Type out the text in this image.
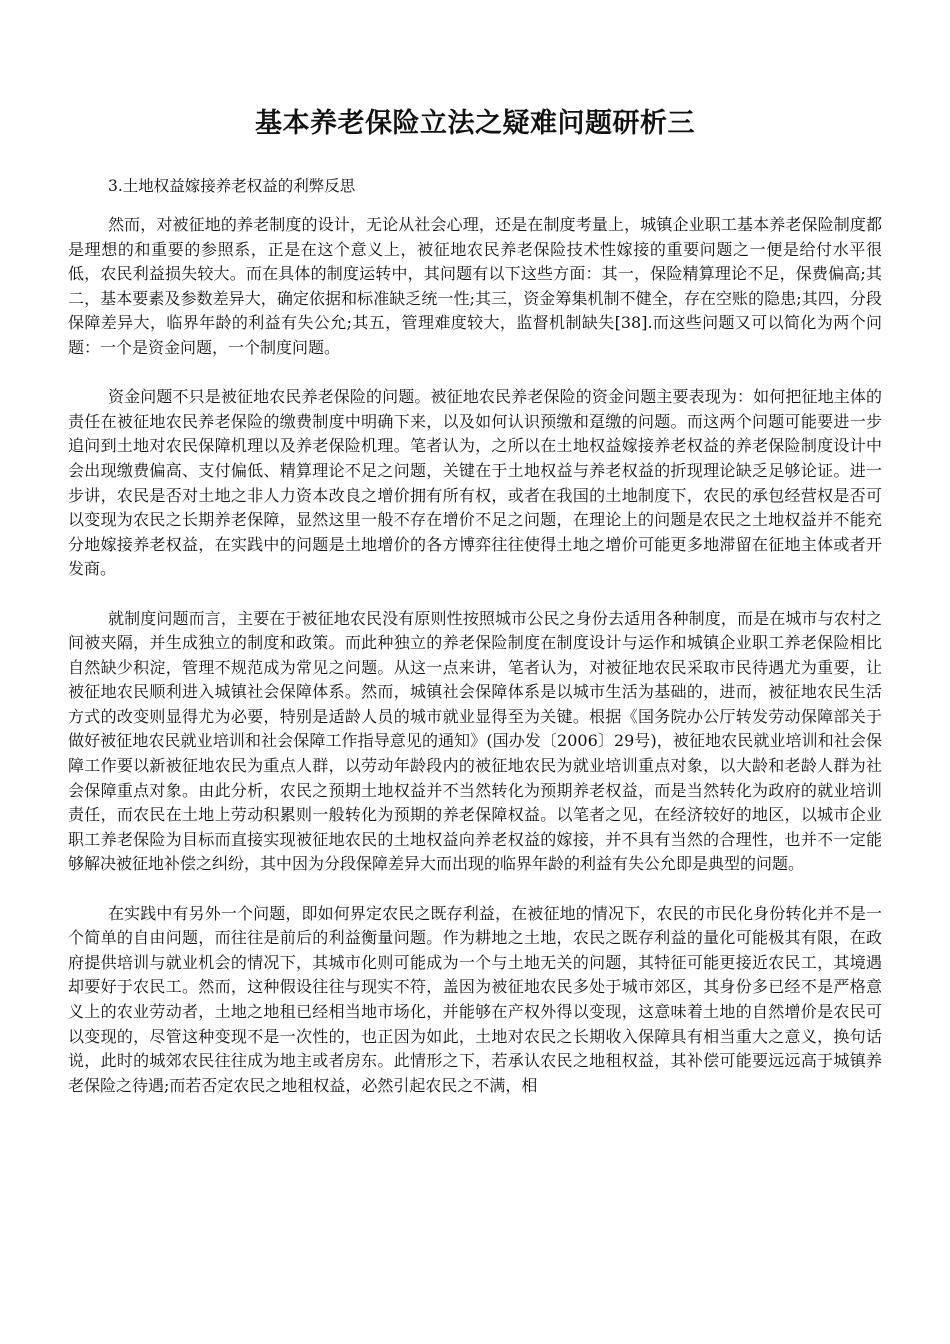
基本养老保险立法之疑难问题研析三
3.土地权益嫁接养老权益的利弊反思

然而，对被征地的养老制度的设计，无论从社会心理，还是在制度考量上，城镇企业职工基本养老保险制度都是理想的和重要的参照系，正是在这个意义上，被征地农民养老保险技术性嫁接的重要问题之一便是给付水平很低，农民利益损失较大。而在具体的制度运转中，其问题有以下这些方面：其一，保险精算理论不足，保费偏高;其二，基本要素及参数差异大，确定依据和标准缺乏统一性;其三，资金筹集机制不健全，存在空账的隐患;其四，分段保障差异大，临界年龄的利益有失公允;其五，管理难度较大，监督机制缺失[38].而这些问题又可以简化为两个问题：一个是资金问题，一个制度问题。

资金问题不只是被征地农民养老保险的问题。被征地农民养老保险的资金问题主要表现为：如何把征地主体的责任在被征地农民养老保险的缴费制度中明确下来，以及如何认识预缴和趸缴的问题。而这两个问题可能要进一步追问到土地对农民保障机理以及养老保险机理。笔者认为，之所以在土地权益嫁接养老权益的养老保险制度设计中会出现缴费偏高、支付偏低、精算理论不足之问题，关键在于土地权益与养老权益的折现理论缺乏足够论证。进一步讲，农民是否对土地之非人力资本改良之增价拥有所有权，或者在我国的土地制度下，农民的承包经营权是否可以变现为农民之长期养老保障，显然这里一般不存在增价不足之问题，在理论上的问题是农民之土地权益并不能充分地嫁接养老权益，在实践中的问题是土地增价的各方博弈往往使得土地之增价可能更多地滞留在征地主体或者开发商。

就制度问题而言，主要在于被征地农民没有原则性按照城市公民之身份去适用各种制度，而是在城市与农村之间被夹隔，并生成独立的制度和政策。而此种独立的养老保险制度在制度设计与运作和城镇企业职工养老保险相比自然缺少积淀，管理不规范成为常见之问题。从这一点来讲，笔者认为，对被征地农民采取市民待遇尤为重要，让被征地农民顺利进入城镇社会保障体系。然而，城镇社会保障体系是以城市生活为基础的，进而，被征地农民生活方式的改变则显得尤为必要，特别是适龄人员的城市就业显得至为关键。根据《国务院办公厅转发劳动保障部关于做好被征地农民就业培训和社会保障工作指导意见的通知》(国办发〔2006〕29号)，被征地农民就业培训和社会保障工作要以新被征地农民为重点人群，以劳动年龄段内的被征地农民为就业培训重点对象，以大龄和老龄人群为社会保障重点对象。由此分析，农民之预期土地权益并不当然转化为预期养老权益，而是当然转化为政府的就业培训责任，而农民在土地上劳动积累则一般转化为预期的养老保障权益。以笔者之见，在经济较好的地区，以城市企业职工养老保险为目标而直接实现被征地农民的土地权益向养老权益的嫁接，并不具有当然的合理性，也并不一定能够解决被征地补偿之纠纷，其中因为分段保障差异大而出现的临界年龄的利益有失公允即是典型的问题。

在实践中有另外一个问题，即如何界定农民之既存利益，在被征地的情况下，农民的市民化身份转化并不是一个简单的自由问题，而往往是前后的利益衡量问题。作为耕地之土地，农民之既存利益的量化可能极其有限，在政府提供培训与就业机会的情况下，其城市化则可能成为一个与土地无关的问题，其特征可能更接近农民工，其境遇却要好于农民工。然而，这种假设往往与现实不符，盖因为被征地农民多处于城市郊区，其身份多已经不是严格意义上的农业劳动者，土地之地租已经相当地市场化，并能够在产权外得以变现，这意味着土地的自然增价是农民可以变现的，尽管这种变现不是一次性的，也正因为如此，土地对农民之长期收入保障具有相当重大之意义，换句话说，此时的城郊农民往往成为地主或者房东。此情形之下，若承认农民之地租权益，其补偿可能要远远高于城镇养老保险之待遇;而若否定农民之地租权益，必然引起农民之不满，相
